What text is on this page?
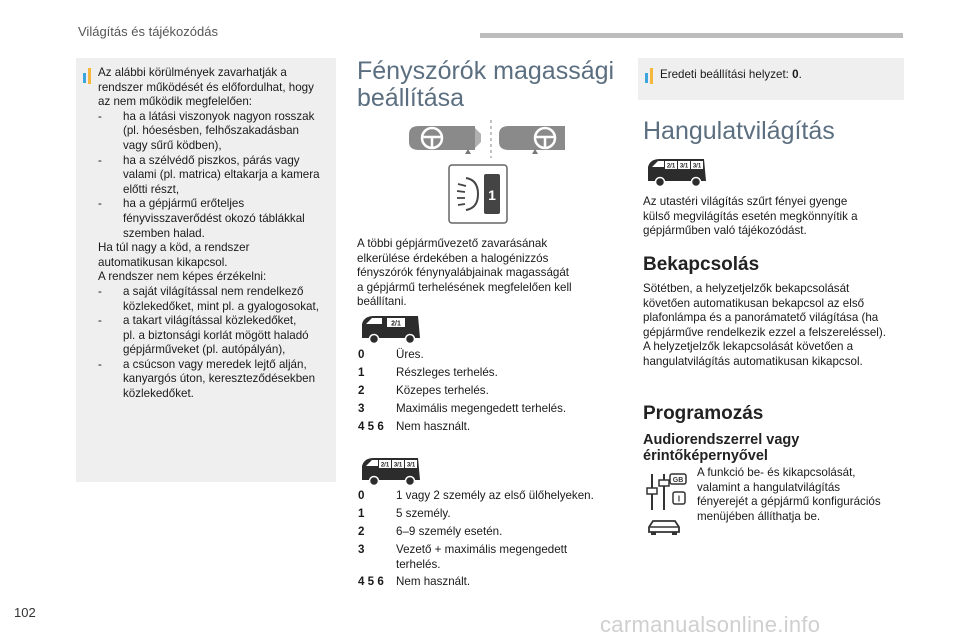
Világítás és tájékozódás
Az alábbi körülmények zavarhatják a
rendszer működését és előfordulhat, hogy
az nem működik megfelelően:
-	ha a látási viszonyok nagyon rosszak
(pl. hóesésben, felhőszakadásban
vagy sűrű ködben),
-	ha a szélvédő piszkos, párás vagy
valami (pl. matrica) eltakarja a kamera
előtti részt,
-	ha a gépjármű erőteljes
fényvisszaverődést okozó táblákkal
szemben halad.
Ha túl nagy a köd, a rendszer
automatikusan kikapcsol.
A rendszer nem képes érzékelni:
-	a saját világítással nem rendelkező
közlekedőket, mint pl. a gyalogosokat,
-	a takart világítással közlekedőket,
pl. a biztonsági korlát mögött haladó
gépjárműveket (pl. autópályán),
-	a csúcson vagy meredek lejtő alján,
kanyargós úton, kereszteződésekben
közlekedőket.
Fényszórók magassági
beállítása
1
A többi gépjárművezető zavarásának
elkerülése érdekében a halogénizzós
fényszórók fénynyalábjainak magasságát
a gépjármű terhelésének megfelelően kell
beállítani.
2/1
0	Üres.
1	Részleges terhelés.
2	Közepes terhelés.
3	Maximális megengedett terhelés.
4 5 6 Nem használt.
2/1 3/1 3/1
0	1 vagy 2 személy az első ülőhelyeken.
1	5 személy.
2	6–9 személy esetén.
3	Vezető + maximális megengedett
terhelés.
4 5 6 Nem használt.
Eredeti beállítási helyzet: 0.
Hangulatvilágítás
2/1 3/1 3/1
Az utastéri világítás szűrt fényei gyenge
külső megvilágítás esetén megkönnyítik a
gépjárműben való tájékozódást.
Bekapcsolás
Sötétben, a helyzetjelzők bekapcsolását
követően automatikusan bekapcsol az első
plafonlámpa és a panorámatető világítása (ha
gépjárműve rendelkezik ezzel a felszereléssel).
A helyzetjelzők lekapcsolását követően a
hangulatvilágítás automatikusan kikapcsol.
Programozás
Audiorendszerrel vagy
érintőképernyővel
GB
I
A funkció be- és kikapcsolását,
valamint a hangulatvilágítás
fényerejét a gépjármű konfigurációs
menüjében állíthatja be.
102	carmanualsonline.info
